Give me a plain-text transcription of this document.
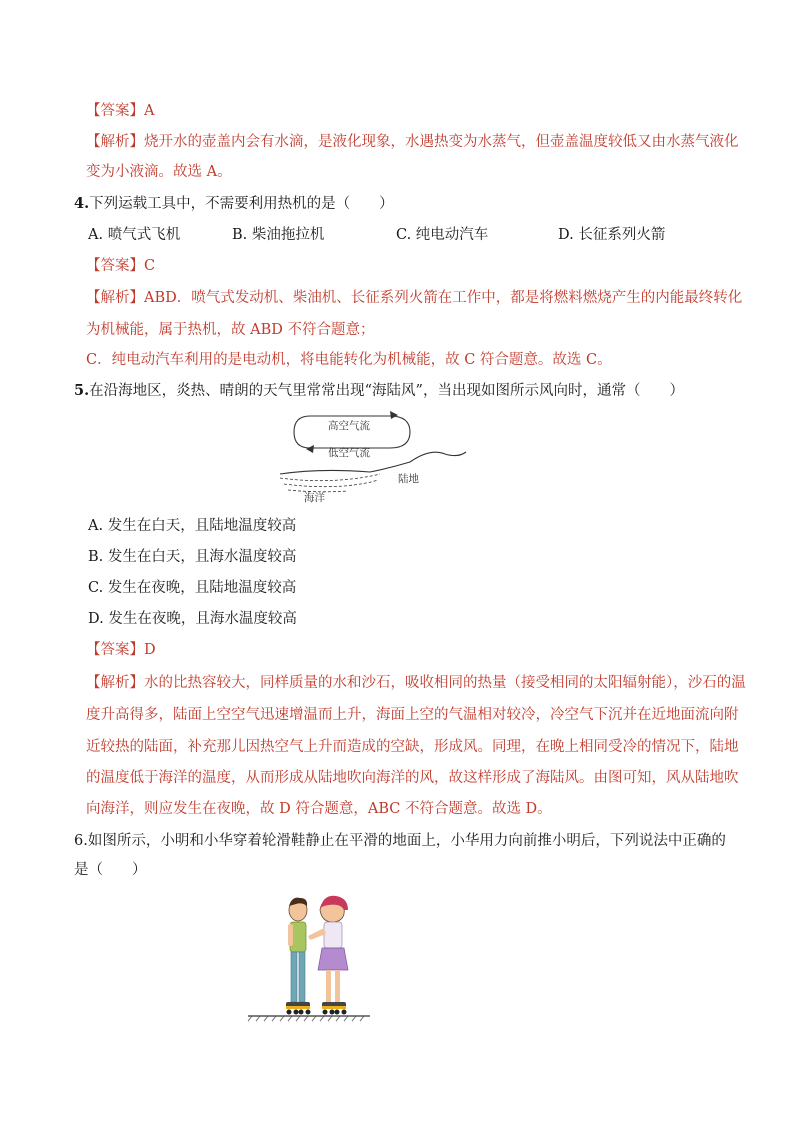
【答案】A
【解析】烧开水的壶盖内会有水滴，是液化现象，水遇热变为水蒸气，但壶盖温度较低又由水蒸气液化
变为小液滴。故选 A。
4.下列运载工具中，不需要利用热机的是（　　）
A. 喷气式飞机	B. 柴油拖拉机	C. 纯电动汽车	D. 长征系列火箭
【答案】C
【解析】ABD．喷气式发动机、柴油机、长征系列火箭在工作中，都是将燃料燃烧产生的内能最终转化
为机械能，属于热机，故 ABD 不符合题意；
C．纯电动汽车利用的是电动机，将电能转化为机械能，故 C 符合题意。故选 C。
5.在沿海地区，炎热、晴朗的天气里常常出现“海陆风”，当出现如图所示风向时，通常（　　）
高空气流
低空气流
陆地
海洋
A. 发生在白天，且陆地温度较高
B. 发生在白天，且海水温度较高
C. 发生在夜晚，且陆地温度较高
D. 发生在夜晚，且海水温度较高
【答案】D
【解析】水的比热容较大，同样质量的水和沙石，吸收相同的热量（接受相同的太阳辐射能），沙石的温
度升高得多，陆面上空空气迅速增温而上升，海面上空的气温相对较冷，冷空气下沉并在近地面流向附
近较热的陆面，补充那儿因热空气上升而造成的空缺，形成风。同理，在晚上相同受冷的情况下，陆地
的温度低于海洋的温度，从而形成从陆地吹向海洋的风，故这样形成了海陆风。由图可知，风从陆地吹
向海洋，则应发生在夜晚，故 D 符合题意，ABC 不符合题意。故选 D。
6.如图所示，小明和小华穿着轮滑鞋静止在平滑的地面上，小华用力向前推小明后，下列说法中正确的
是（　　）
